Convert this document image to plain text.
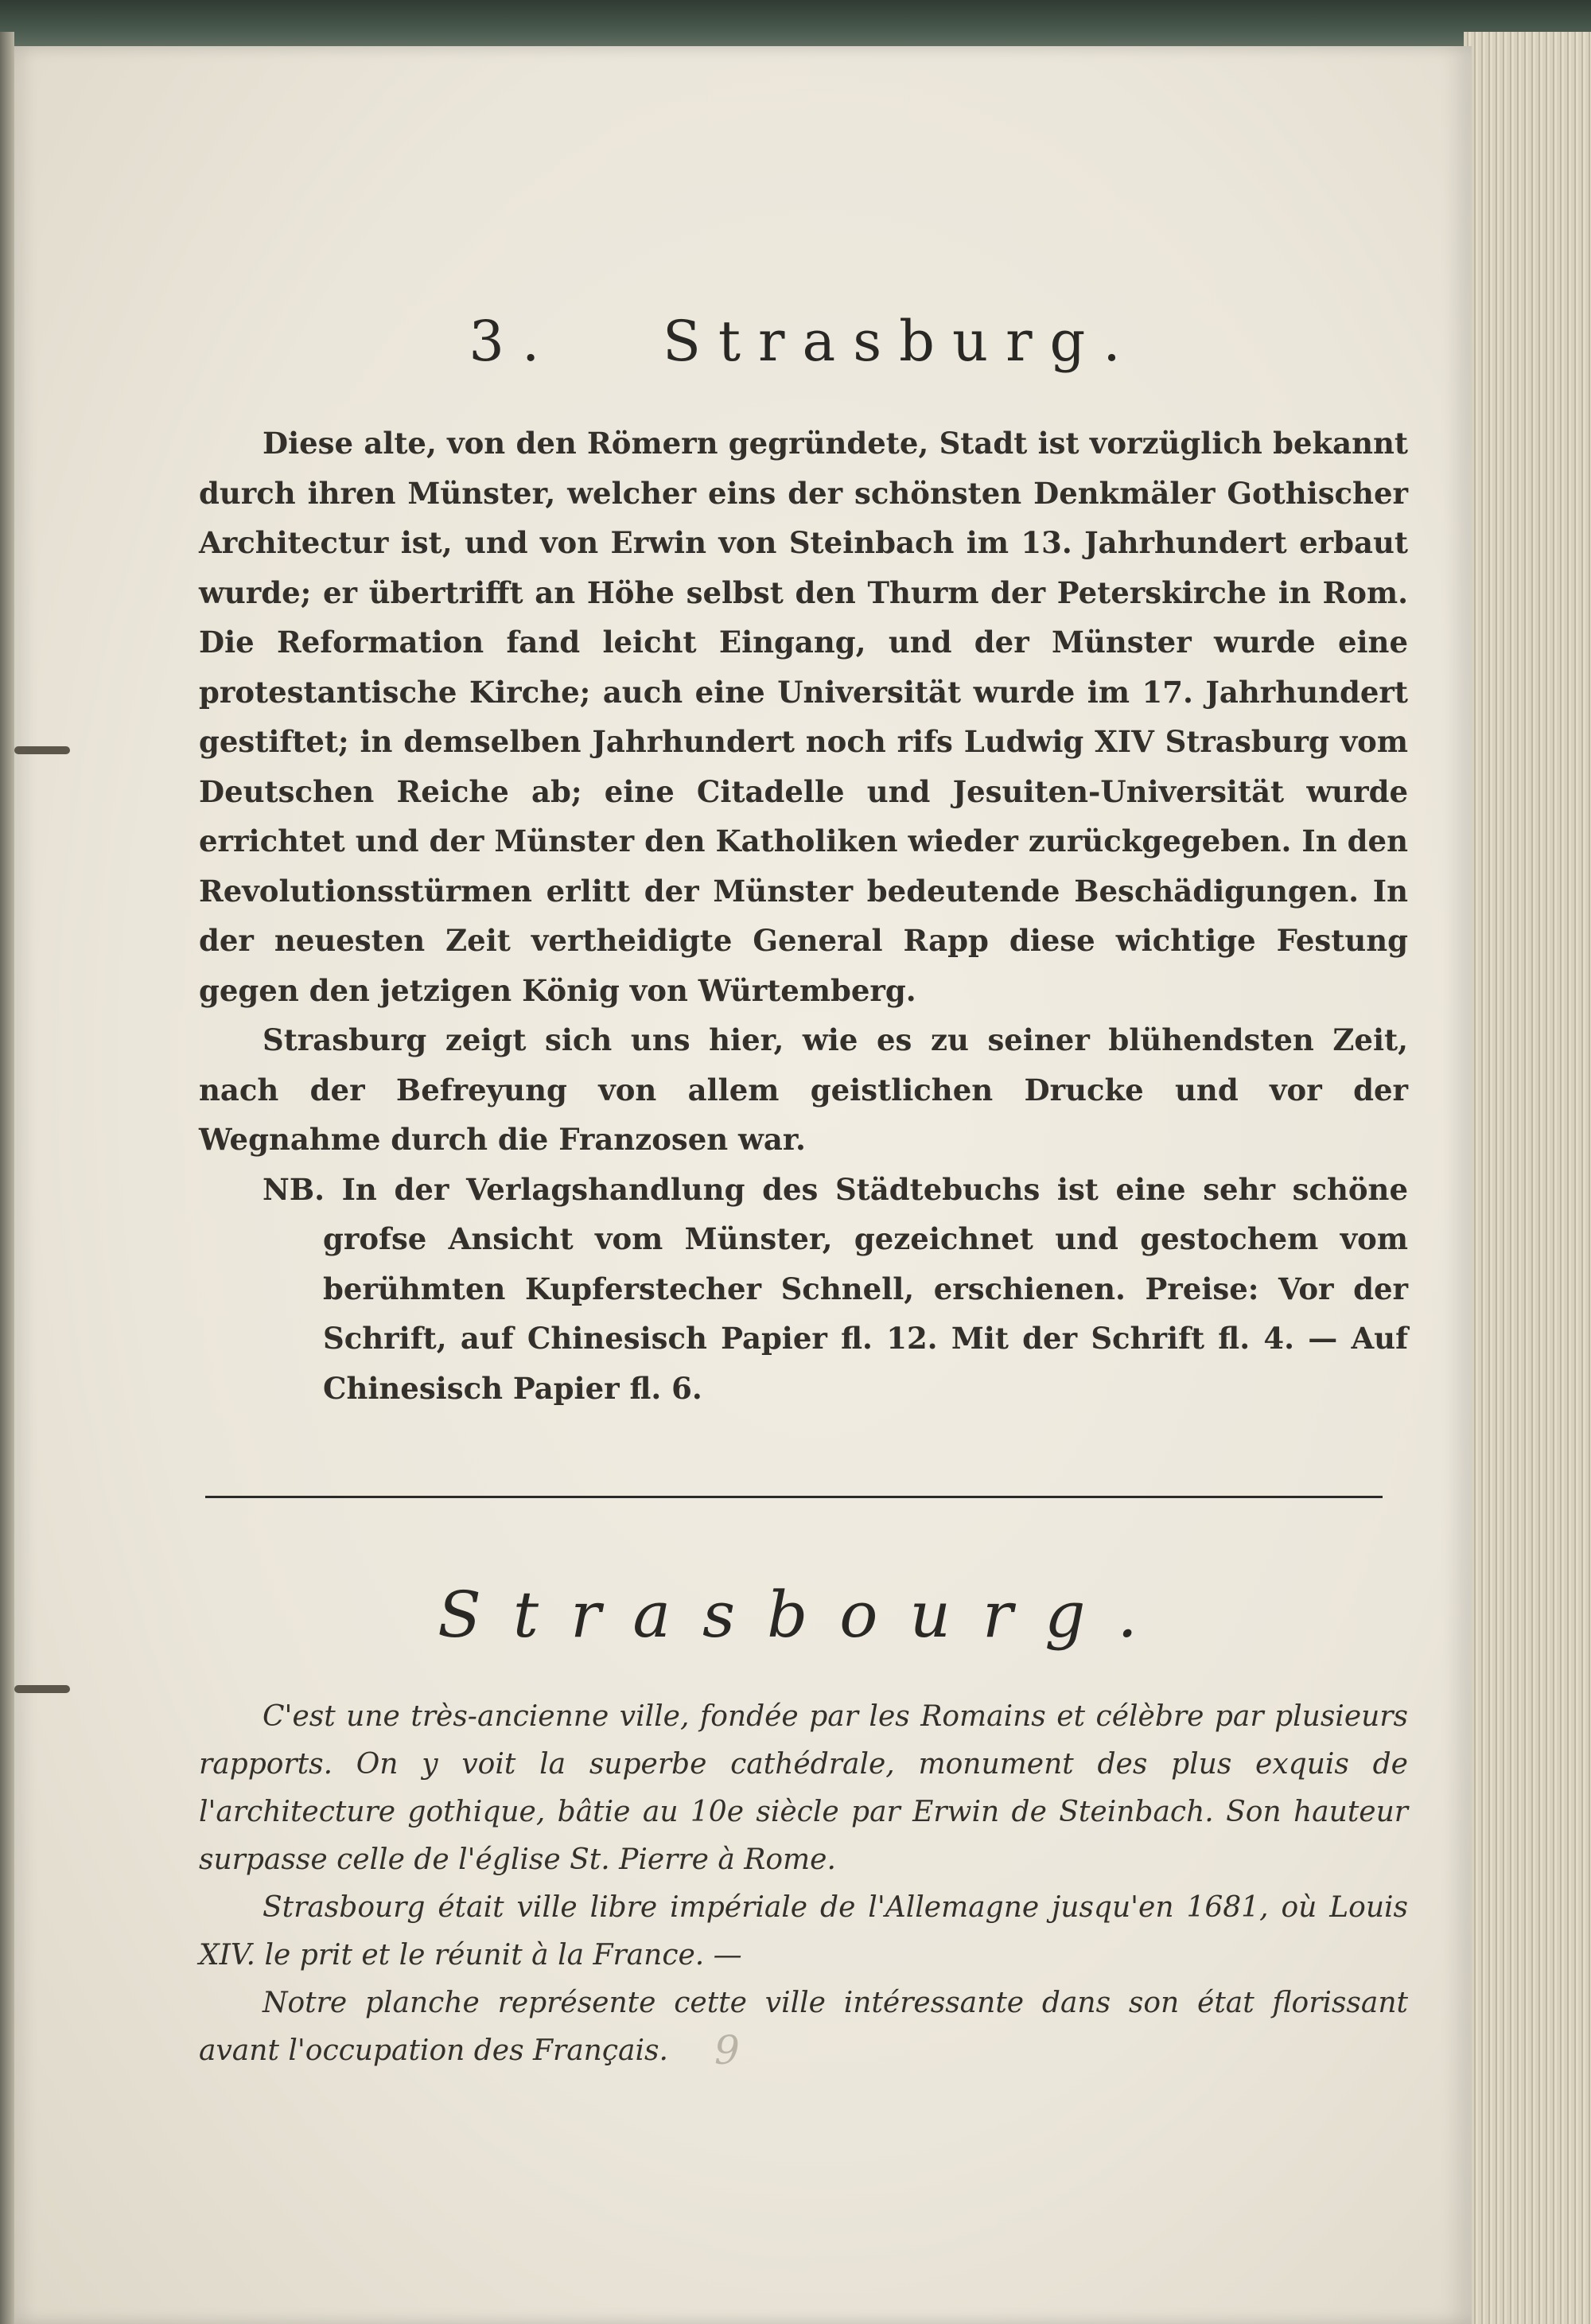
3. Strasburg.

Diese alte, von den Römern gegründete, Stadt ist vorzüglich bekannt durch ihren Münster, welcher eins der schönsten Denkmäler Gothischer Architectur ist, und von Erwin von Steinbach im 13. Jahrhundert erbaut wurde; er übertrifft an Höhe selbst den Thurm der Peterskirche in Rom. Die Reformation fand leicht Eingang, und der Münster wurde eine protestantische Kirche; auch eine Universität wurde im 17. Jahrhundert gestiftet; in demselben Jahrhundert noch rifs Ludwig XIV Strasburg vom Deutschen Reiche ab; eine Citadelle und Jesuiten-Universität wurde errichtet und der Münster den Katholiken wieder zurückgegeben. In den Revolutionsstürmen erlitt der Münster bedeutende Beschädigungen. In der neuesten Zeit vertheidigte General Rapp diese wichtige Festung gegen den jetzigen König von Würtemberg.

Strasburg zeigt sich uns hier, wie es zu seiner blühendsten Zeit, nach der Befreyung von allem geistlichen Drucke und vor der Wegnahme durch die Franzosen war.

NB. In der Verlagshandlung des Städtebuchs ist eine sehr schöne grofse Ansicht vom Münster, gezeichnet und gestochem vom berühmten Kupferstecher Schnell, erschienen. Preise: Vor der Schrift, auf Chinesisch Papier fl. 12. Mit der Schrift fl. 4. — Auf Chinesisch Papier fl. 6.

Strasbourg.

C'est une très-ancienne ville, fondée par les Romains et célèbre par plusieurs rapports. On y voit la superbe cathédrale, monument des plus exquis de l'architecture gothique, bâtie au 10e siècle par Erwin de Steinbach. Son hauteur surpasse celle de l'église St. Pierre à Rome.

Strasbourg était ville libre impériale de l'Allemagne jusqu'en 1681, où Louis XIV. le prit et le réunit à la France. —

Notre planche représente cette ville intéressante dans son état florissant avant l'occupation des Français.	9
